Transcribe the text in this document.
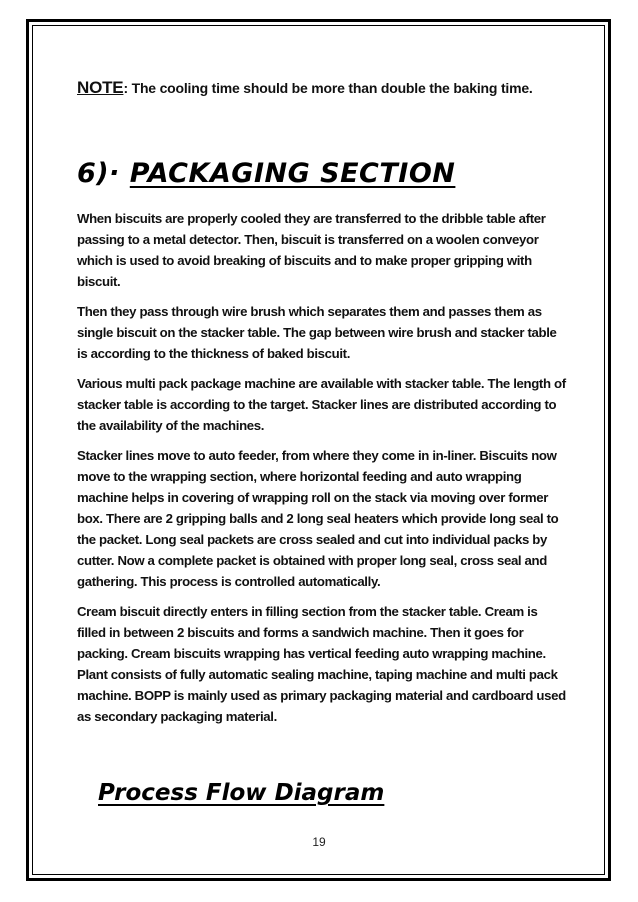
NOTE: The cooling time should be more than double the baking time.

6)· PACKAGING SECTION

When biscuits are properly cooled they are transferred to the dribble table after passing to a metal detector. Then, biscuit is transferred on a woolen conveyor which is used to avoid breaking of biscuits and to make proper gripping with biscuit.

Then they pass through wire brush which separates them and passes them as single biscuit on the stacker table. The gap between wire brush and stacker table is according to the thickness of baked biscuit.

Various multi pack package machine are available with stacker table. The length of stacker table is according to the target. Stacker lines are distributed according to the availability of the machines.

Stacker lines move to auto feeder, from where they come in in-liner. Biscuits now move to the wrapping section, where horizontal feeding and auto wrapping machine helps in covering of wrapping roll on the stack via moving over former box. There are 2 gripping balls and 2 long seal heaters which provide long seal to the packet. Long seal packets are cross sealed and cut into individual packs by cutter. Now a complete packet is obtained with proper long seal, cross seal and gathering. This process is controlled automatically.

Cream biscuit directly enters in filling section from the stacker table. Cream is filled in between 2 biscuits and forms a sandwich machine. Then it goes for packing. Cream biscuits wrapping has vertical feeding auto wrapping machine. Plant consists of fully automatic sealing machine, taping machine and multi pack machine. BOPP is mainly used as primary packaging material and cardboard used as secondary packaging material.

Process Flow Diagram
19
